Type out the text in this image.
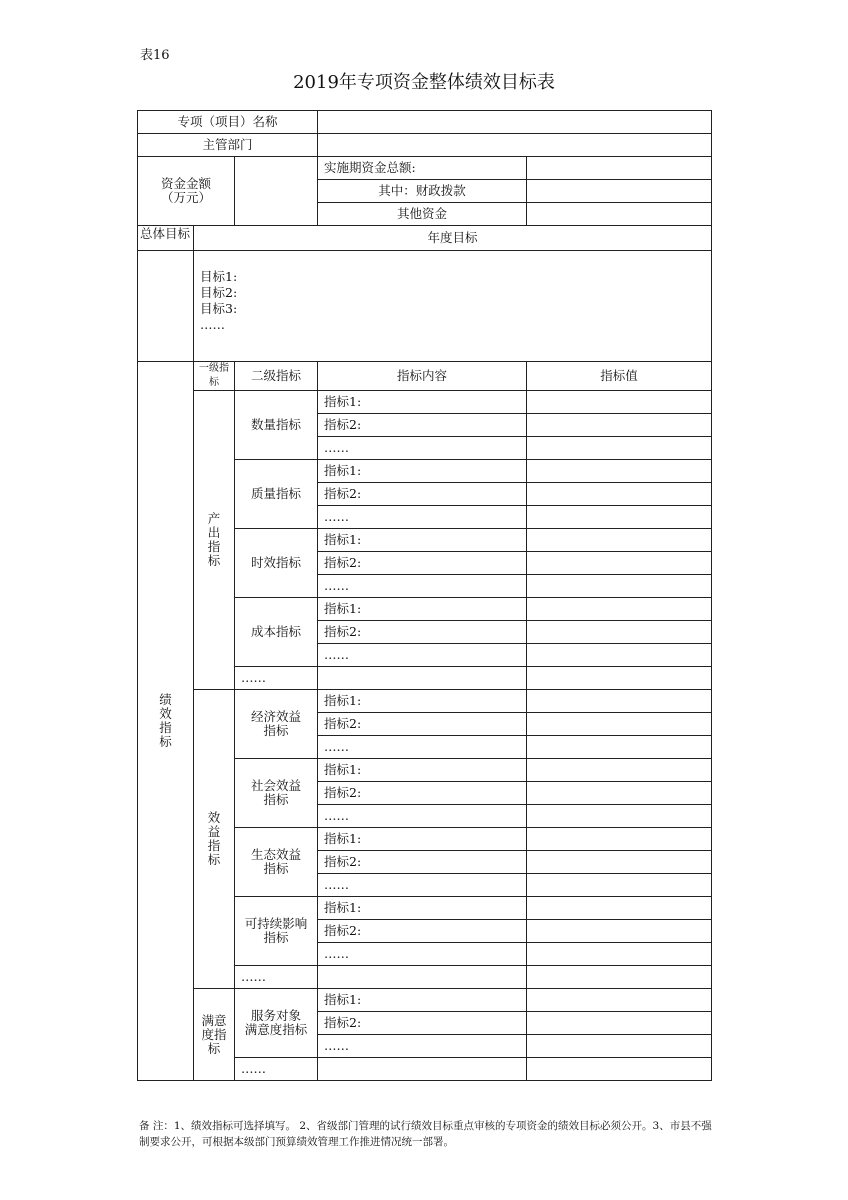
表16
2019年专项资金整体绩效目标表
专项（项目）名称				
主管部门				

资金金额
（万元）			实施期资金总额:	
			其中：财政拨款	
			其他资金	

总体目标	年度目标			

	目标1:
目标2:
目标3:
……			

绩
效
指
标	一级指标	二级指标	指标内容	指标值

	产
出
指
标	数量指标	指标1:	
			指标2:	
			……	
		质量指标	指标1:	
			指标2:	
			……	
		时效指标	指标1:	
			指标2:	
			……	
		成本指标	指标1:	
			指标2:	
			……	
		……		

	效
益
指
标	经济效益
指标	指标1:	
			指标2:	
			……	

		社会效益
指标	指标1:	
			指标2:	
			……	

		生态效益
指标	指标1:	
			指标2:	
			……	

		可持续影响
指标	指标1:	
			指标2:	
			……	
		……		

	满意
度指
标	服务对象
满意度指标	指标1:	
			指标2:	
			……	
		……		
备 注：1、绩效指标可选择填写。 2、省级部门管理的试行绩效目标重点审核的专项资金的绩效目标必须公开。3、市县不强制要求公开，可根据本级部门预算绩效管理工作推进情况统一部署。
